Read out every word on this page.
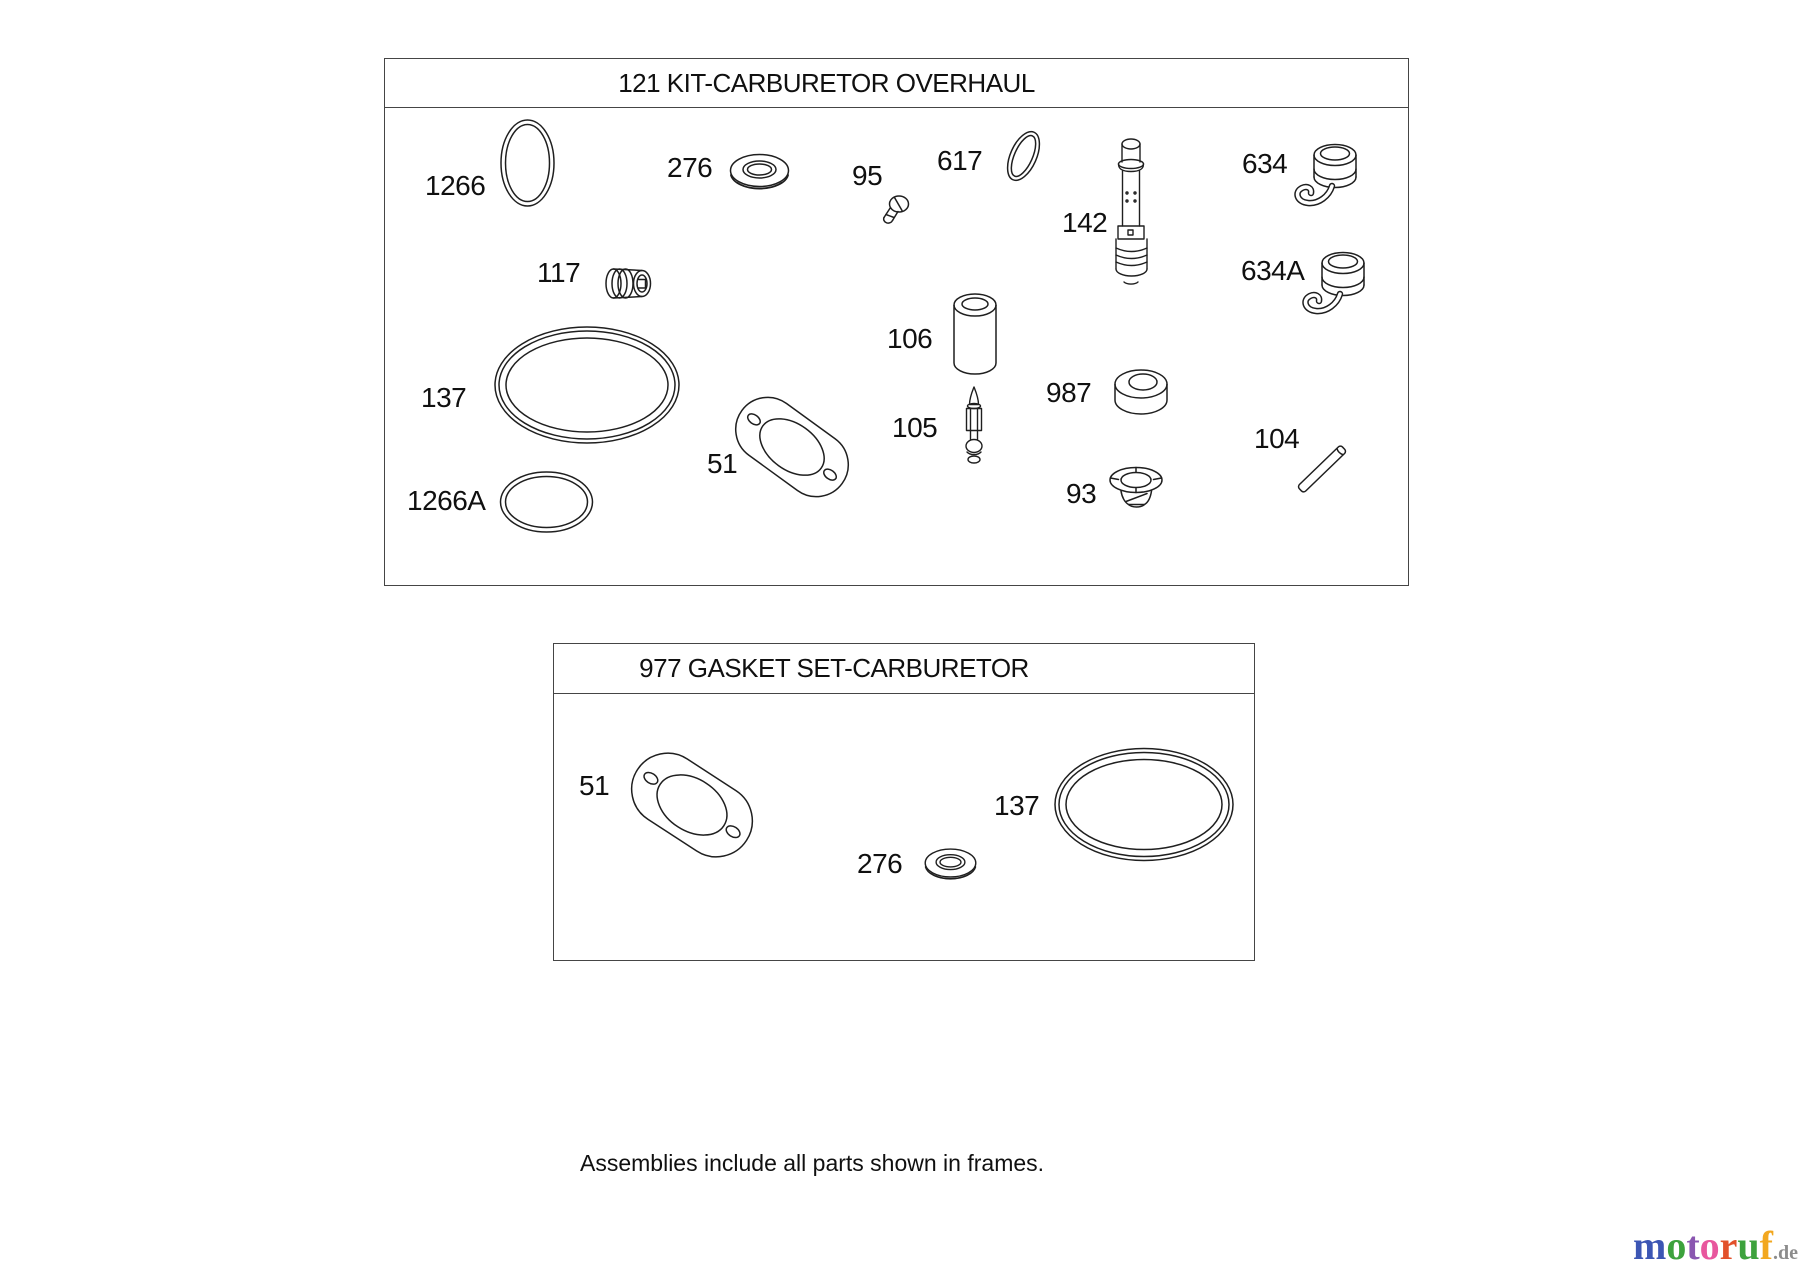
121 KIT-CARBURETOR OVERHAUL
1266
276	95 617
142
634
634A
117
137
106
105
987
93
104
51
1266A
977 GASKET SET-CARBURETOR
51
276
137
Assemblies include all parts shown in frames.
motoruf.de
